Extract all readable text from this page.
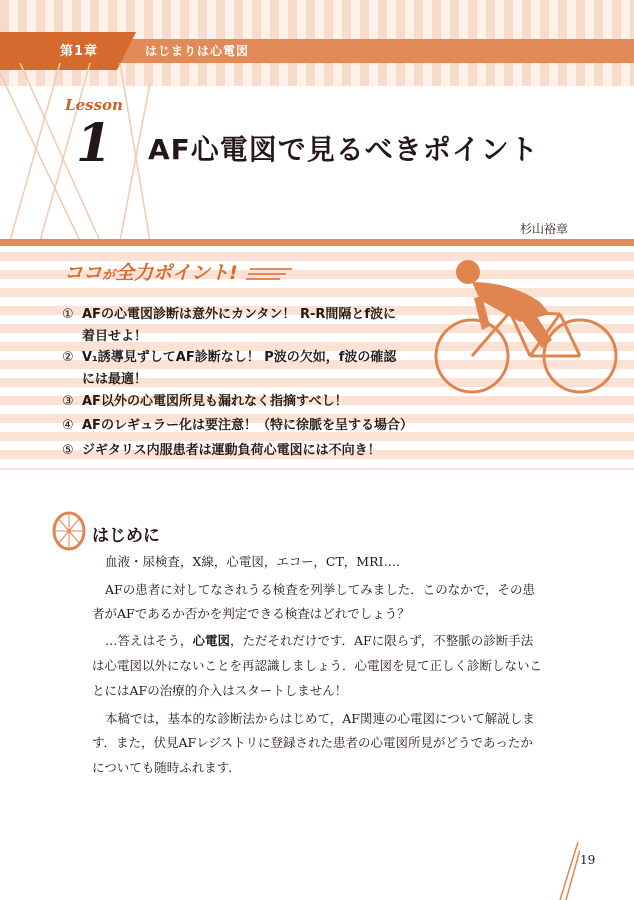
第1章	はじまりは心電図
Lesson
1	AF心電図で見るべきポイント
杉山裕章
ココが全力ポイント!
① AFの心電図診断は意外にカンタン！ R-R間隔とf波に
着目せよ！
② V₁誘導見ずしてAF診断なし！ P波の欠如，f波の確認
には最適！
③ AF以外の心電図所見も漏れなく指摘すべし！
④ AFのレギュラー化は要注意！（特に徐脈を呈する場合）
⑤ ジギタリス内服患者は運動負荷心電図には不向き！
はじめに
血液・尿検査，X線，心電図，エコー，CT，MRI…．
AFの患者に対してなされうる検査を列挙してみました．このなかで，その患
者がAFであるか否かを判定できる検査はどれでしょう？
…答えはそう，心電図，ただそれだけです．AFに限らず，不整脈の診断手法
は心電図以外にないことを再認識しましょう．心電図を見て正しく診断しないこ
とにはAFの治療的介入はスタートしません！
本稿では，基本的な診断法からはじめて，AF関連の心電図について解説しま
す．また，伏見AFレジストリに登録された患者の心電図所見がどうであったか
についても随時ふれます．
19
